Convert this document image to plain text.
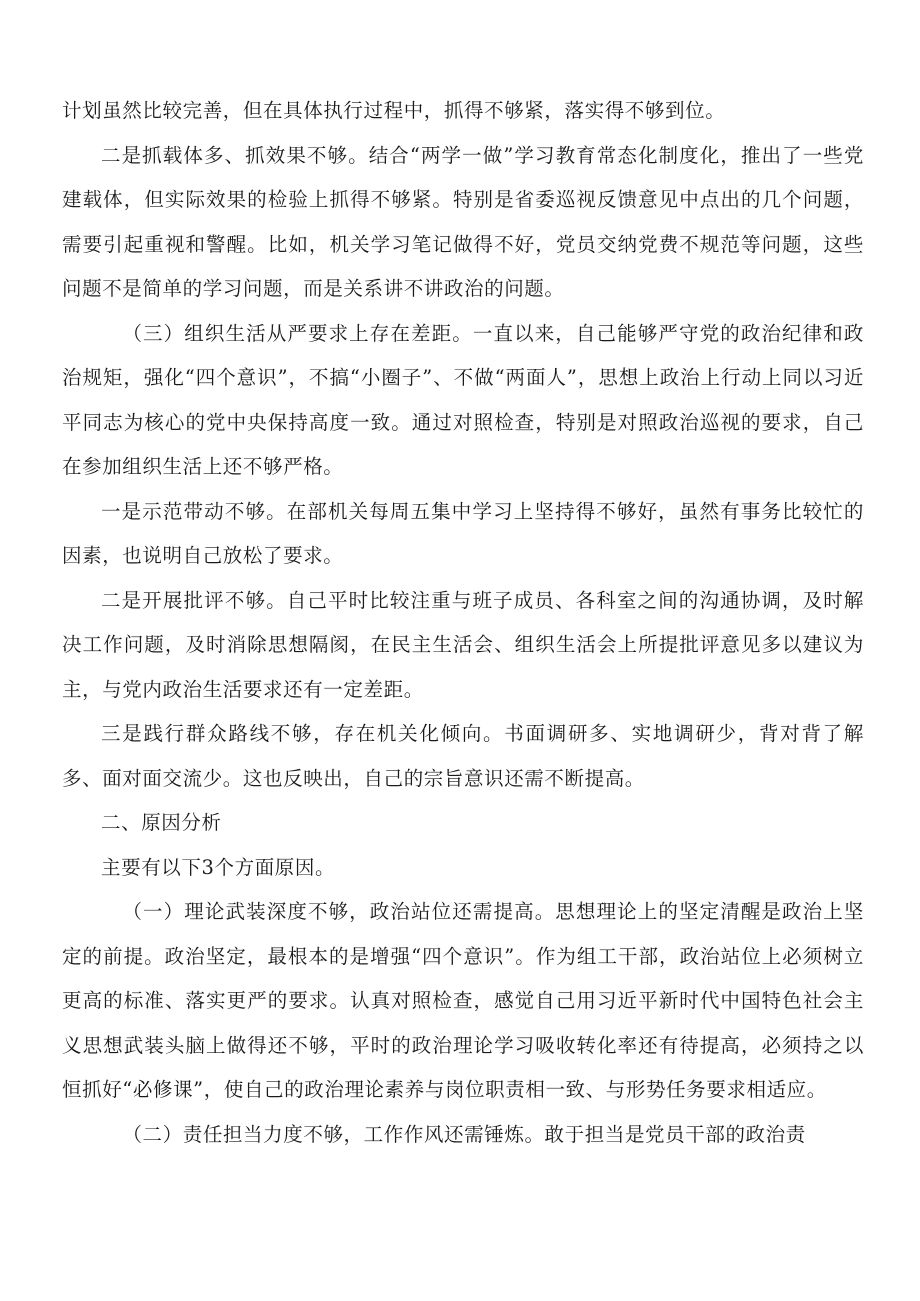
计划虽然比较完善，但在具体执行过程中，抓得不够紧，落实得不够到位。

二是抓载体多、抓效果不够。结合“两学一做”学习教育常态化制度化，推出了一些党建载体，但实际效果的检验上抓得不够紧。特别是省委巡视反馈意见中点出的几个问题，需要引起重视和警醒。比如，机关学习笔记做得不好，党员交纳党费不规范等问题，这些问题不是简单的学习问题，而是关系讲不讲政治的问题。

（三）组织生活从严要求上存在差距。一直以来，自己能够严守党的政治纪律和政治规矩，强化“四个意识”，不搞“小圈子”、不做“两面人”，思想上政治上行动上同以习近平同志为核心的党中央保持高度一致。通过对照检查，特别是对照政治巡视的要求，自己在参加组织生活上还不够严格。

一是示范带动不够。在部机关每周五集中学习上坚持得不够好，虽然有事务比较忙的因素，也说明自己放松了要求。

二是开展批评不够。自己平时比较注重与班子成员、各科室之间的沟通协调，及时解决工作问题，及时消除思想隔阂，在民主生活会、组织生活会上所提批评意见多以建议为主，与党内政治生活要求还有一定差距。

三是践行群众路线不够，存在机关化倾向。书面调研多、实地调研少，背对背了解多、面对面交流少。这也反映出，自己的宗旨意识还需不断提高。

二、原因分析

主要有以下3个方面原因。

（一）理论武装深度不够，政治站位还需提高。思想理论上的坚定清醒是政治上坚定的前提。政治坚定，最根本的是增强“四个意识”。作为组工干部，政治站位上必须树立更高的标准、落实更严的要求。认真对照检查，感觉自己用习近平新时代中国特色社会主义思想武装头脑上做得还不够，平时的政治理论学习吸收转化率还有待提高，必须持之以恒抓好“必修课”，使自己的政治理论素养与岗位职责相一致、与形势任务要求相适应。

（二）责任担当力度不够，工作作风还需锤炼。敢于担当是党员干部的政治责
